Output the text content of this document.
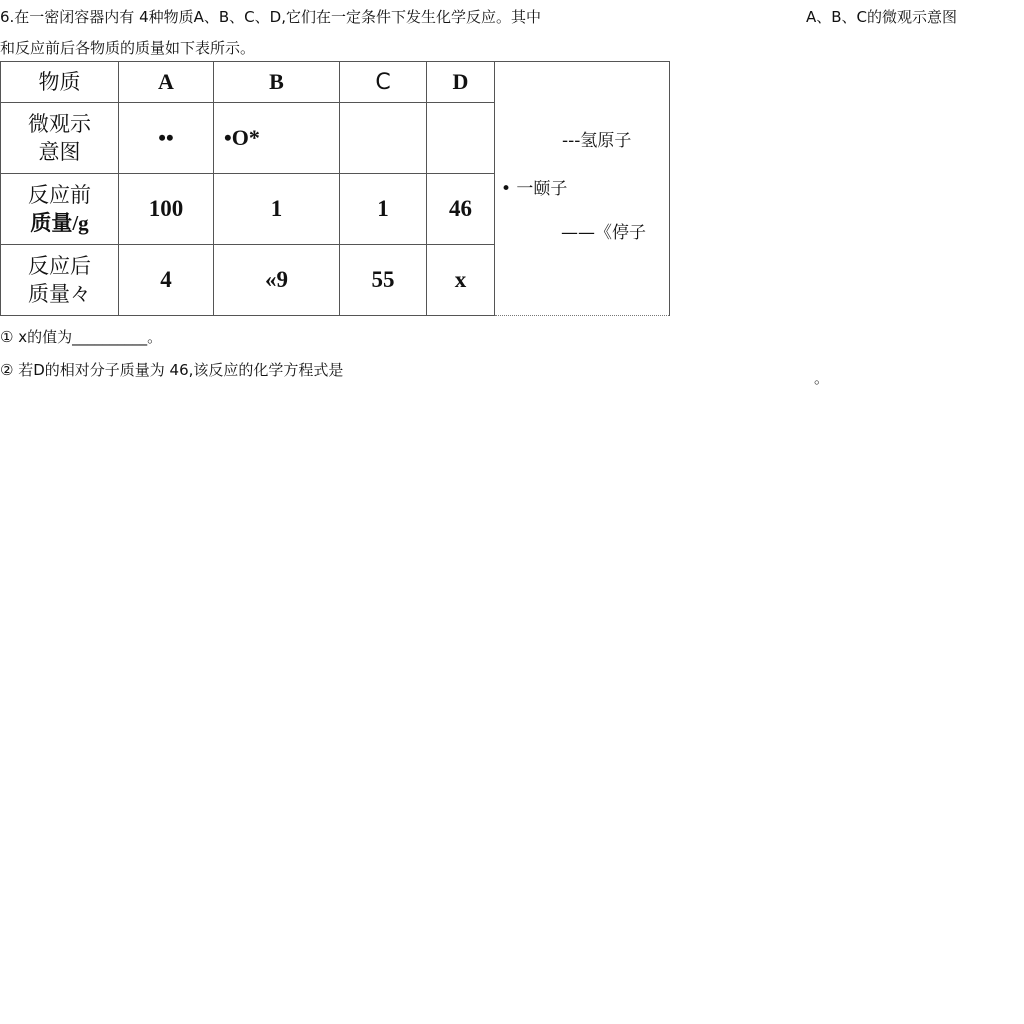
6.在一密闭容器内有 4种物质A、B、C、D,它们在一定条件下发生化学反应。其中	A、B、C的微观示意图
和反应前后各物质的质量如下表所示。
物质	A	B	C	D	---氢原子
• 一颐子
——《停子

微观示
意图	••	•O*			

反应前
质量/g	100	1	1	46	

反应后
质量々	4	«9	55	x	
① x的值为__________。
② 若D的相对分子质量为 46,该反应的化学方程式是	。
